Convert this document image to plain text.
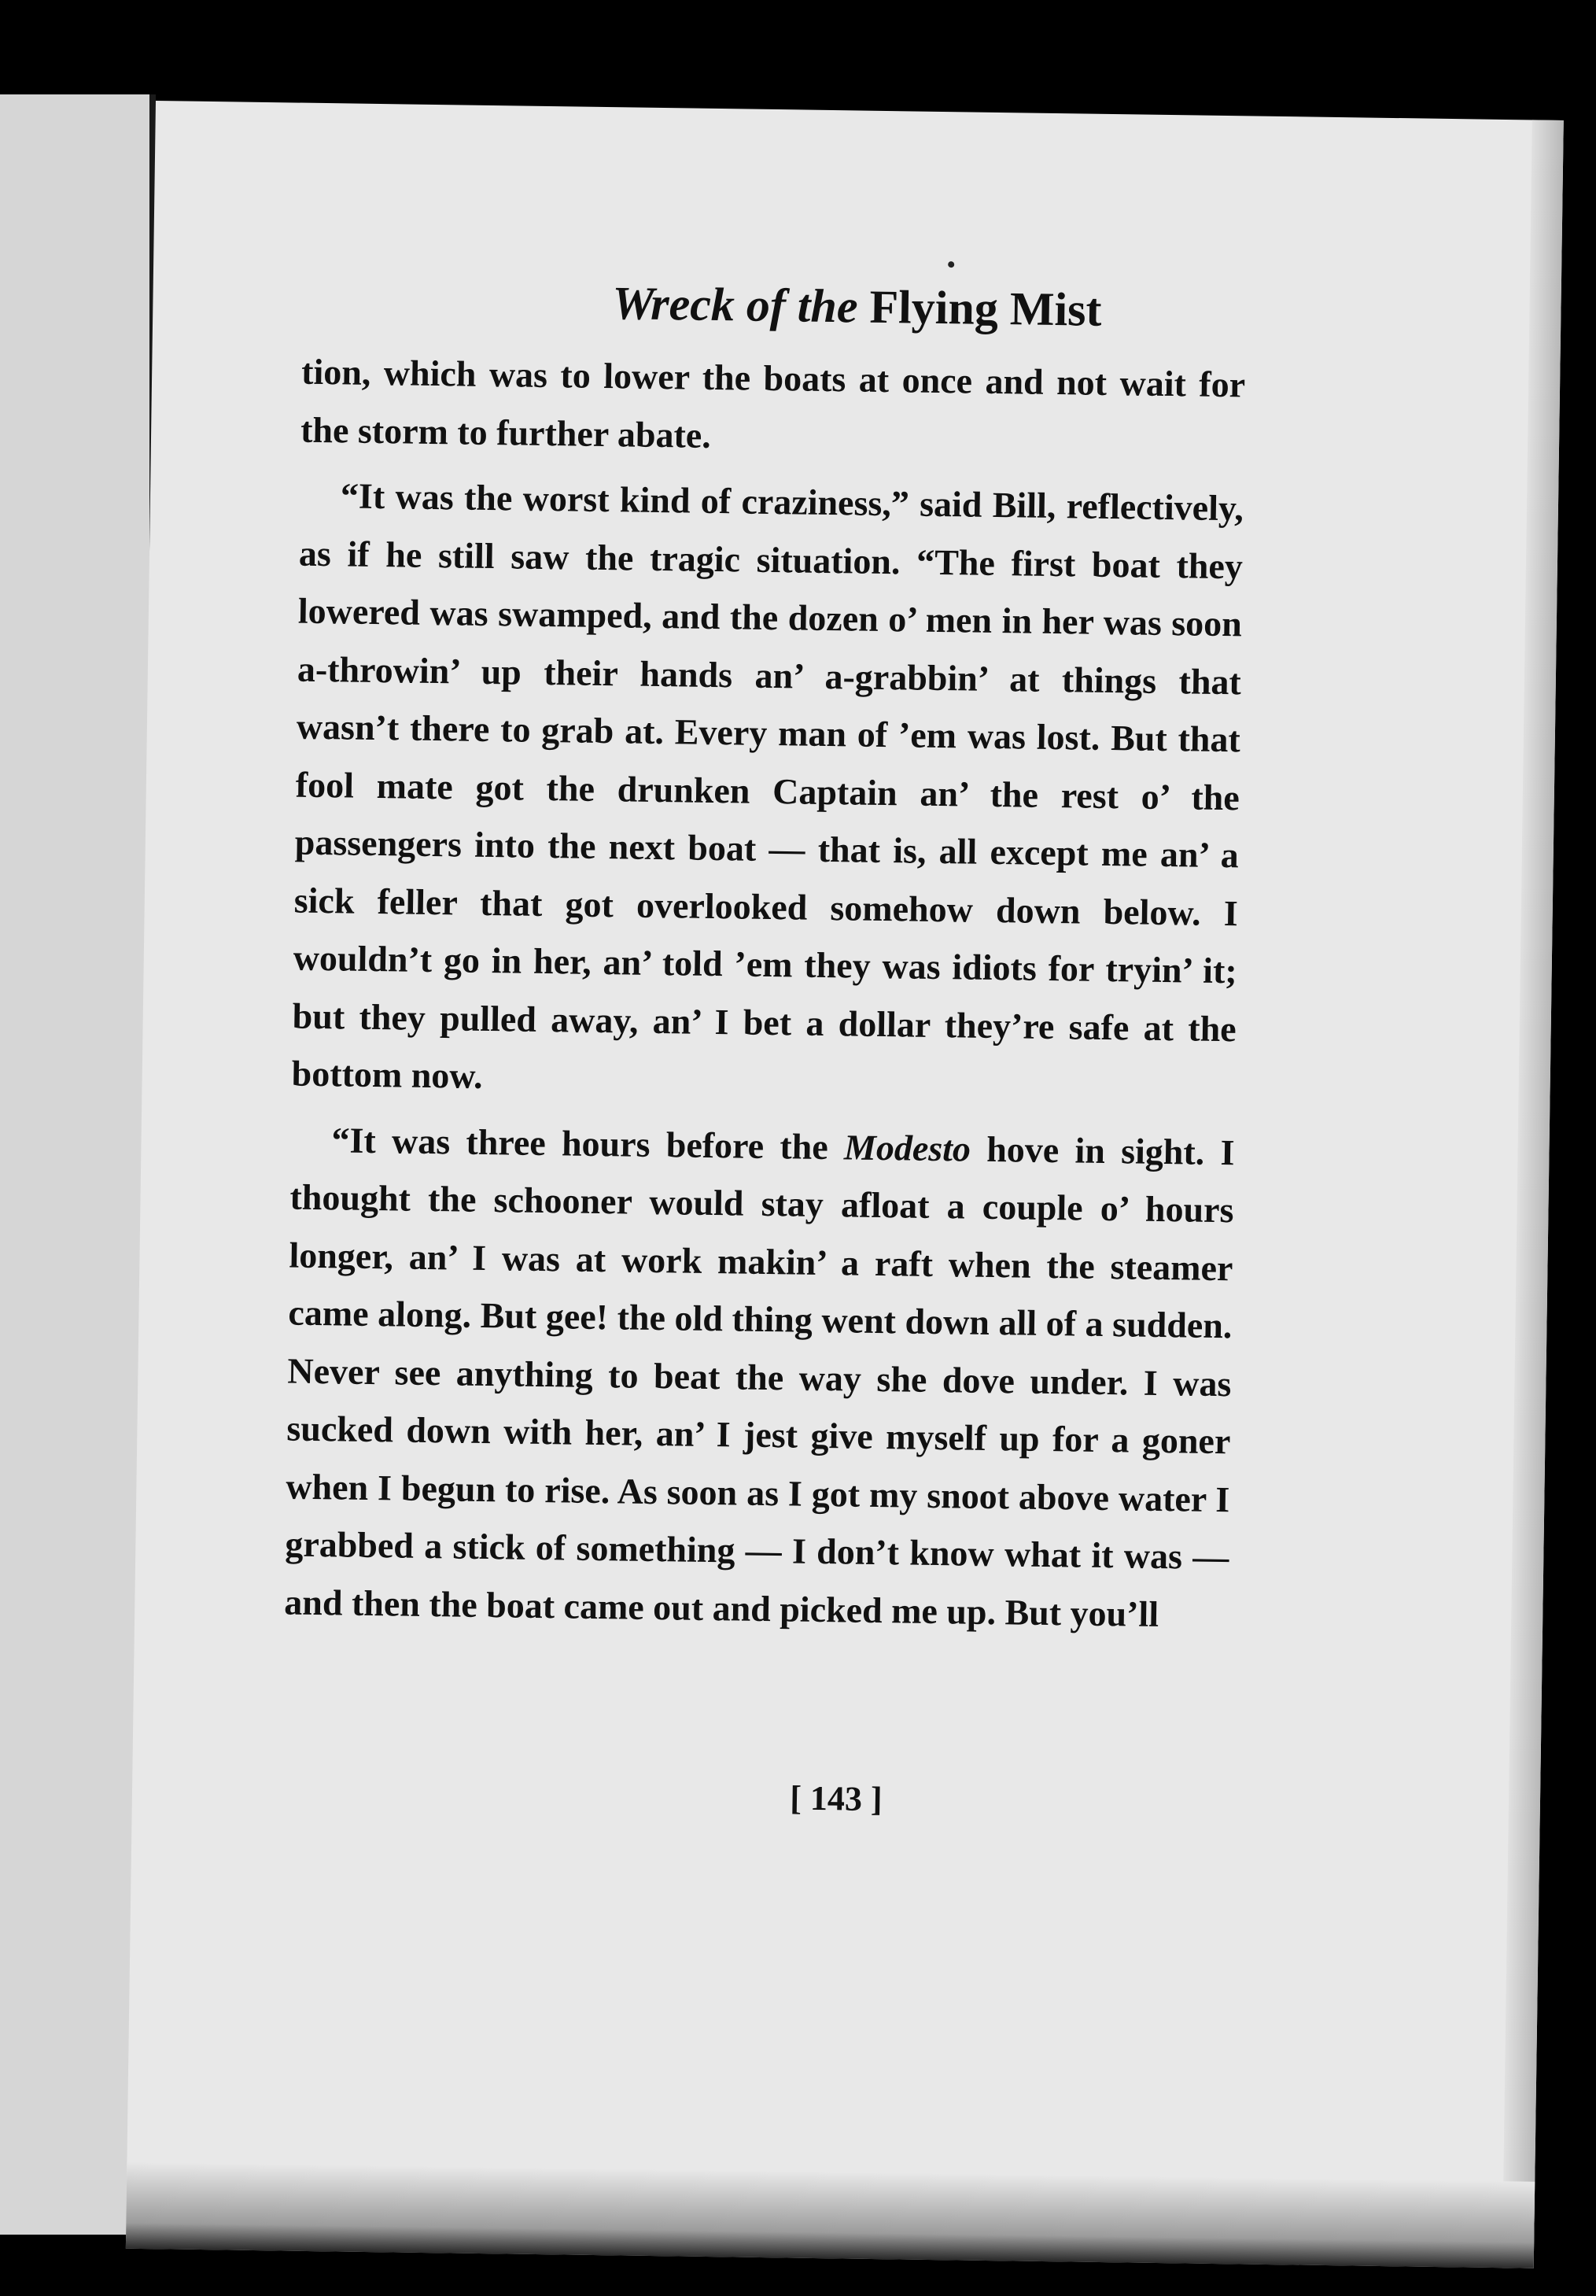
Wreck of the Flying Mist

tion, which was to lower the boats at once and not wait for the storm to further abate.

“It was the worst kind of craziness,” said Bill, reflectively, as if he still saw the tragic situation. “The first boat they lowered was swamped, and the dozen o’ men in her was soon a-throwin’ up their hands an’ a-grabbin’ at things that wasn’t there to grab at. Every man of ’em was lost. But that fool mate got the drunken Captain an’ the rest o’ the passengers into the next boat — that is, all except me an’ a sick feller that got overlooked somehow down below. I wouldn’t go in her, an’ told ’em they was idiots for tryin’ it; but they pulled away, an’ I bet a dollar they’re safe at the bottom now.

“It was three hours before the Modesto hove in sight. I thought the schooner would stay afloat a couple o’ hours longer, an’ I was at work makin’ a raft when the steamer came along. But gee! the old thing went down all of a sudden. Never see anything to beat the way she dove under. I was sucked down with her, an’ I jest give myself up for a goner when I begun to rise. As soon as I got my snoot above water I grabbed a stick of something — I don’t know what it was — and then the boat came out and picked me up. But you’ll

[ 143 ]
